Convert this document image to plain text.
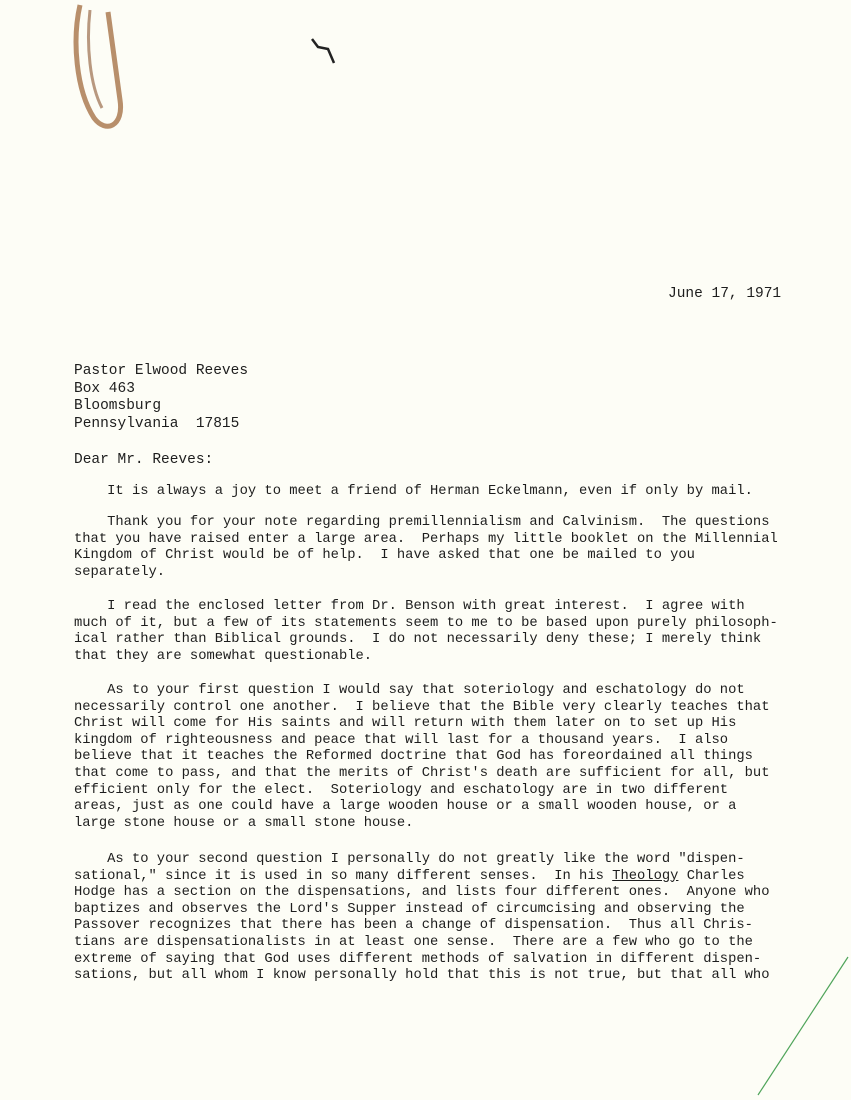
June 17, 1971
Pastor Elwood Reeves
Box 463
Bloomsburg
Pennsylvania  17815
Dear Mr. Reeves:
It is always a joy to meet a friend of Herman Eckelmann, even if only by mail.
Thank you for your note regarding premillennialism and Calvinism.  The questions
that you have raised enter a large area.  Perhaps my little booklet on the Millennial
Kingdom of Christ would be of help.  I have asked that one be mailed to you
separately.
I read the enclosed letter from Dr. Benson with great interest.  I agree with
much of it, but a few of its statements seem to me to be based upon purely philosoph-
ical rather than Biblical grounds.  I do not necessarily deny these; I merely think
that they are somewhat questionable.
As to your first question I would say that soteriology and eschatology do not
necessarily control one another.  I believe that the Bible very clearly teaches that
Christ will come for His saints and will return with them later on to set up His
kingdom of righteousness and peace that will last for a thousand years.  I also
believe that it teaches the Reformed doctrine that God has foreordained all things
that come to pass, and that the merits of Christ's death are sufficient for all, but
efficient only for the elect.  Soteriology and eschatology are in two different
areas, just as one could have a large wooden house or a small wooden house, or a
large stone house or a small stone house.
As to your second question I personally do not greatly like the word "dispen-
sational," since it is used in so many different senses.  In his Theology Charles
Hodge has a section on the dispensations, and lists four different ones.  Anyone who
baptizes and observes the Lord's Supper instead of circumcising and observing the
Passover recognizes that there has been a change of dispensation.  Thus all Chris-
tians are dispensationalists in at least one sense.  There are a few who go to the
extreme of saying that God uses different methods of salvation in different dispen-
sations, but all whom I know personally hold that this is not true, but that all who
